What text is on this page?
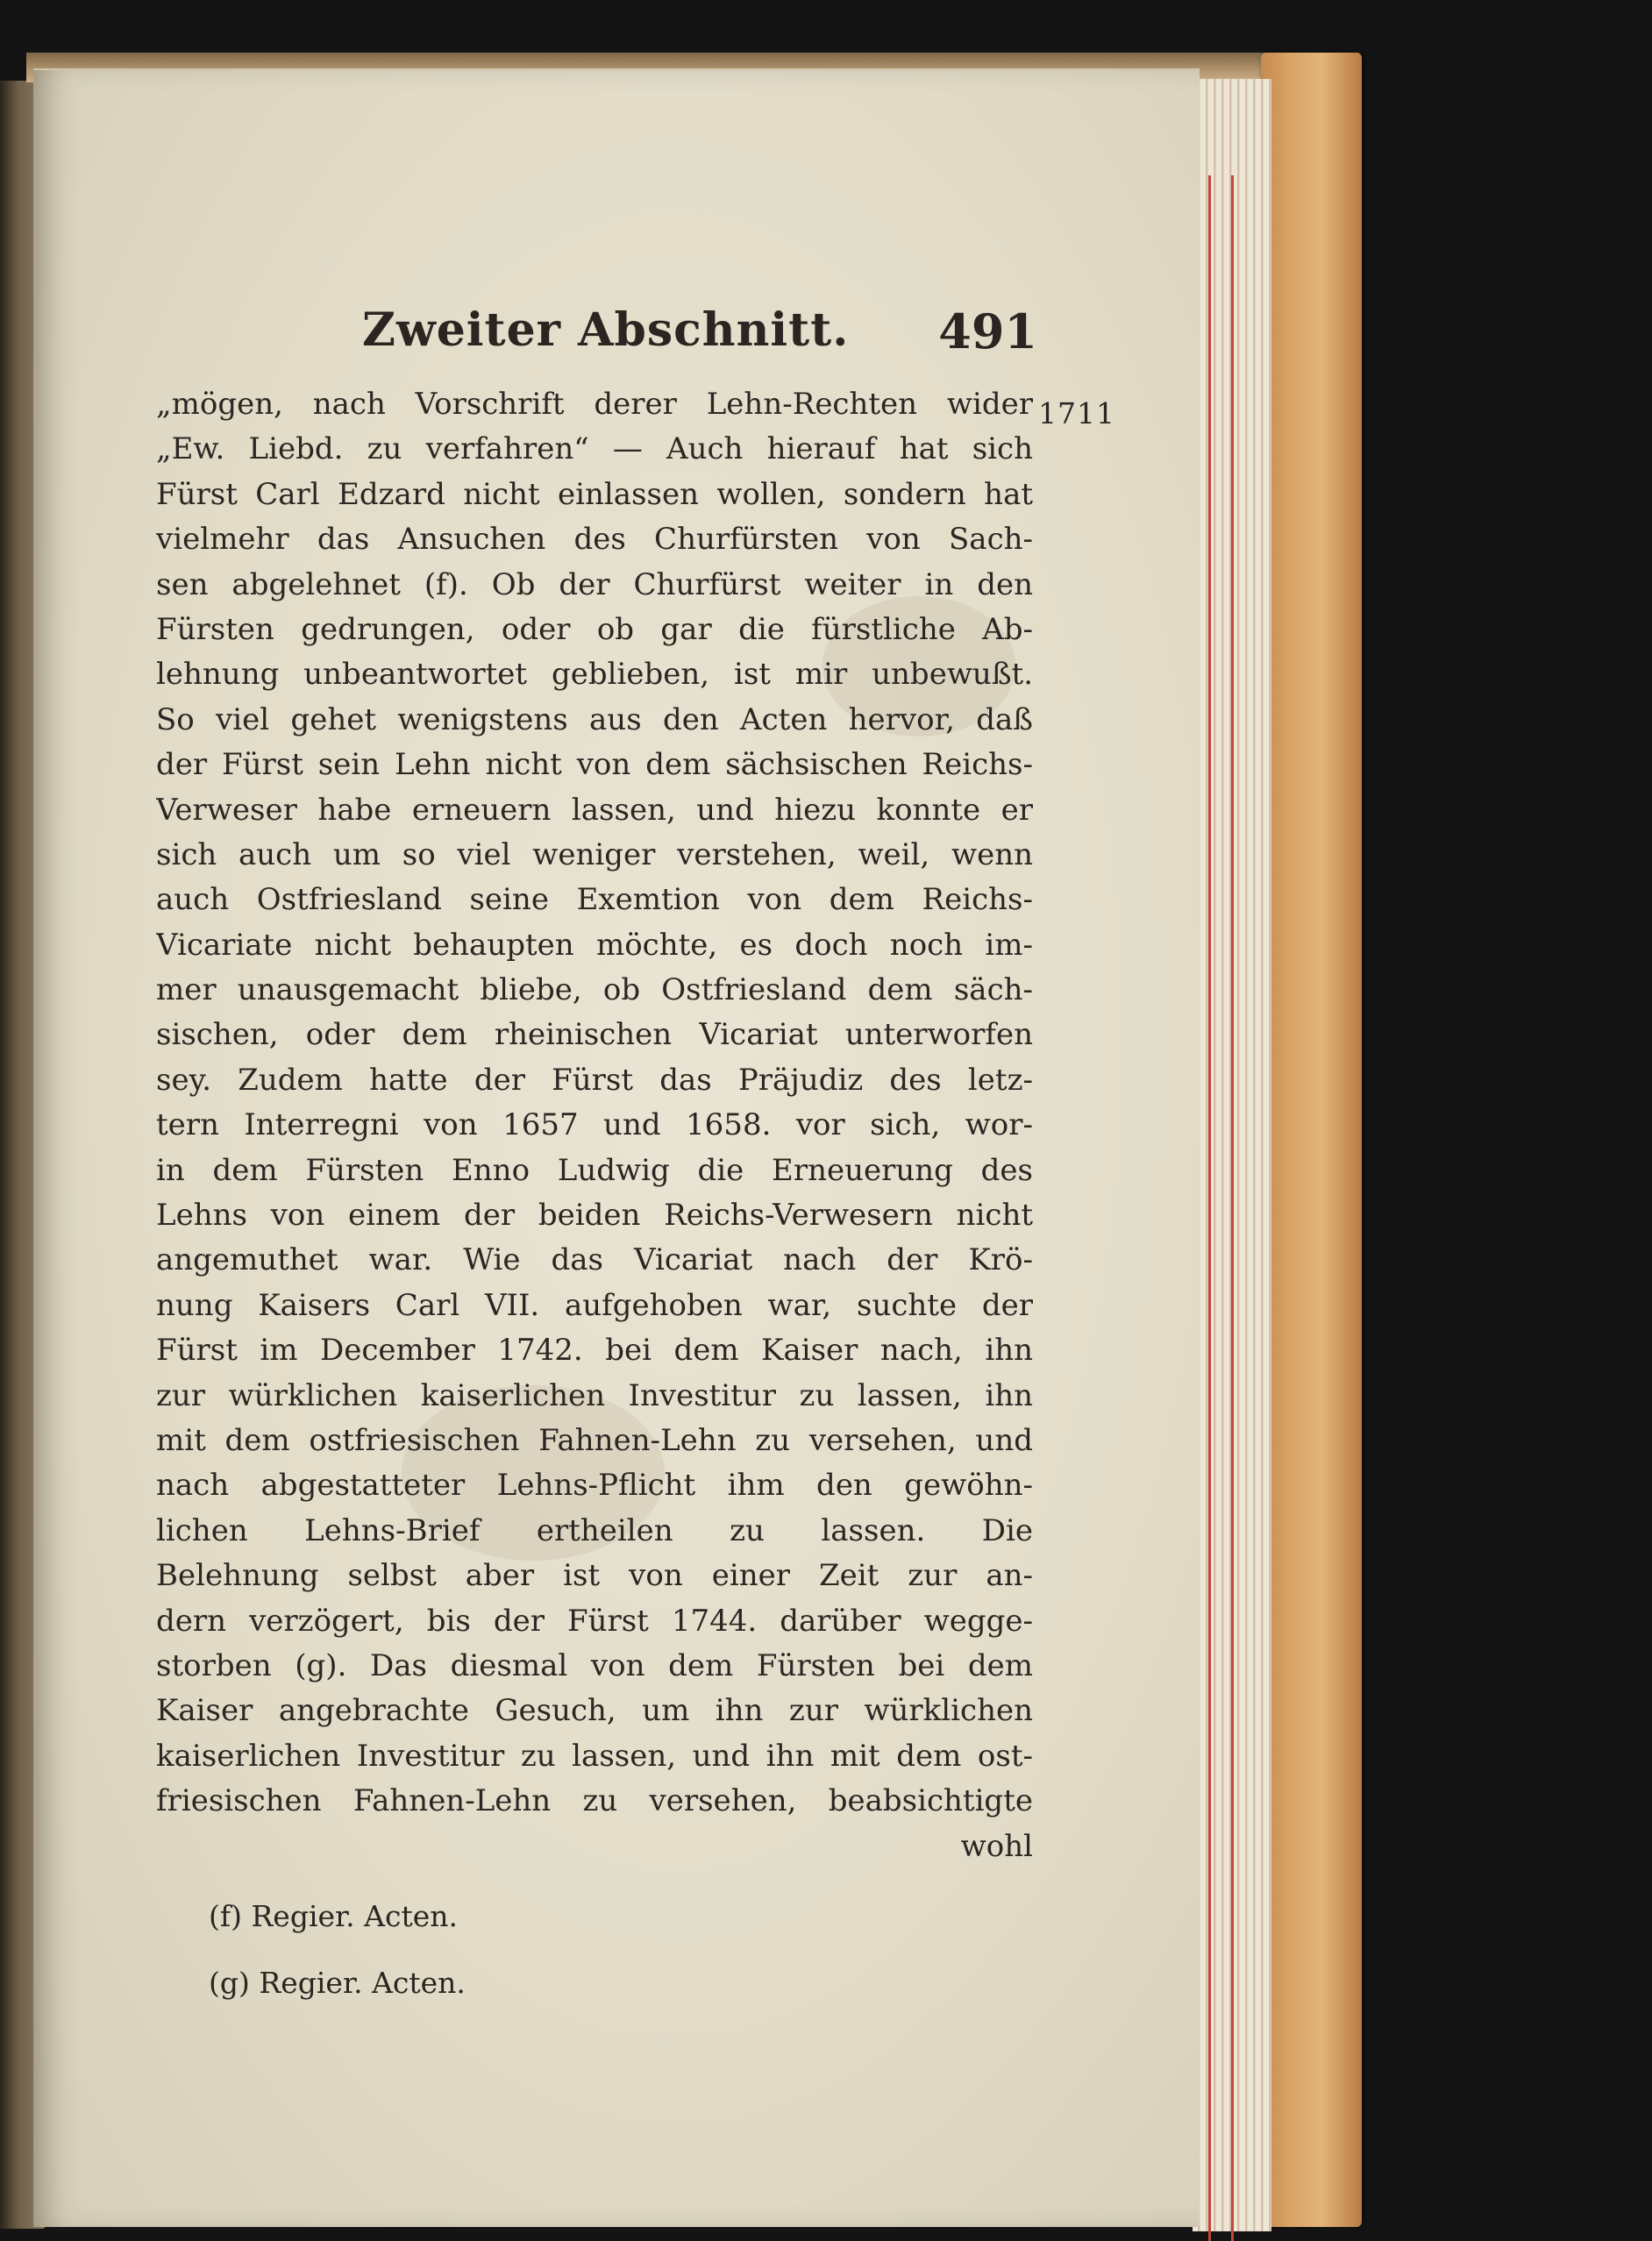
Zweiter Abschnitt. 491
„mögen, nach Vorschrift derer Lehn-Rechten wider
„Ew. Liebd. zu verfahren“ — Auch hierauf hat sich
Fürst Carl Edzard nicht einlassen wollen, sondern hat
vielmehr das Ansuchen des Churfürsten von Sach-
sen abgelehnet (f). Ob der Churfürst weiter in den
Fürsten gedrungen, oder ob gar die fürstliche Ab-
lehnung unbeantwortet geblieben, ist mir unbewußt.
So viel gehet wenigstens aus den Acten hervor, daß
der Fürst sein Lehn nicht von dem sächsischen Reichs-
Verweser habe erneuern lassen, und hiezu konnte er
sich auch um so viel weniger verstehen, weil, wenn
auch Ostfriesland seine Exemtion von dem Reichs-
Vicariate nicht behaupten möchte, es doch noch im-
mer unausgemacht bliebe, ob Ostfriesland dem säch-
sischen, oder dem rheinischen Vicariat unterworfen
sey. Zudem hatte der Fürst das Präjudiz des letz-
tern Interregni von 1657 und 1658. vor sich, wor-
in dem Fürsten Enno Ludwig die Erneuerung des
Lehns von einem der beiden Reichs-Verwesern nicht
angemuthet war. Wie das Vicariat nach der Krö-
nung Kaisers Carl VII. aufgehoben war, suchte der
Fürst im December 1742. bei dem Kaiser nach, ihn
zur würklichen kaiserlichen Investitur zu lassen, ihn
mit dem ostfriesischen Fahnen-Lehn zu versehen, und
nach abgestatteter Lehns-Pflicht ihm den gewöhn-
lichen Lehns-Brief ertheilen zu lassen. Die
Belehnung selbst aber ist von einer Zeit zur an-
dern verzögert, bis der Fürst 1744. darüber wegge-
storben (g). Das diesmal von dem Fürsten bei dem
Kaiser angebrachte Gesuch, um ihn zur würklichen
kaiserlichen Investitur zu lassen, und ihn mit dem ost-
friesischen Fahnen-Lehn zu versehen, beabsichtigte
wohl
1711
(f) Regier. Acten.
(g) Regier. Acten.
